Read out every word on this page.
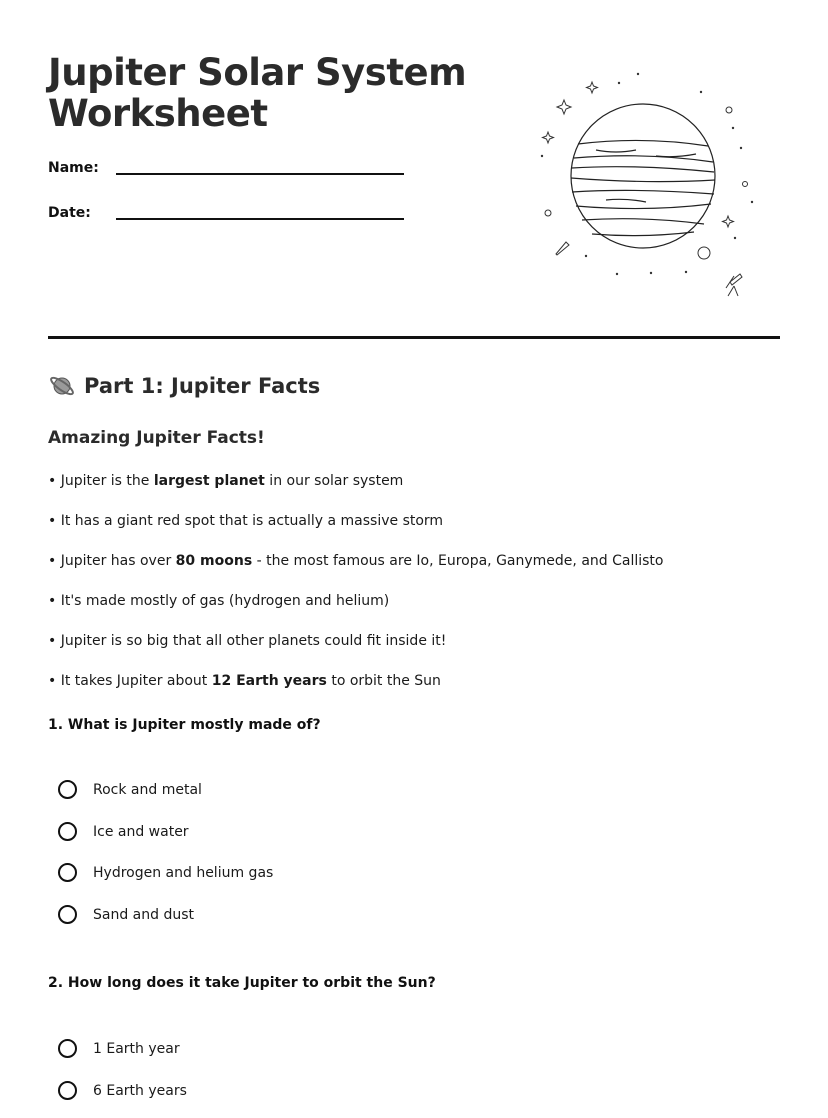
Jupiter Solar System Worksheet
Name:
Date:
Part 1: Jupiter Facts
Amazing Jupiter Facts!
• Jupiter is the largest planet in our solar system
• It has a giant red spot that is actually a massive storm
• Jupiter has over 80 moons - the most famous are Io, Europa, Ganymede, and Callisto
• It's made mostly of gas (hydrogen and helium)
• Jupiter is so big that all other planets could fit inside it!
• It takes Jupiter about 12 Earth years to orbit the Sun
1. What is Jupiter mostly made of?
Rock and metal
Ice and water
Hydrogen and helium gas
Sand and dust
2. How long does it take Jupiter to orbit the Sun?
1 Earth year
6 Earth years
